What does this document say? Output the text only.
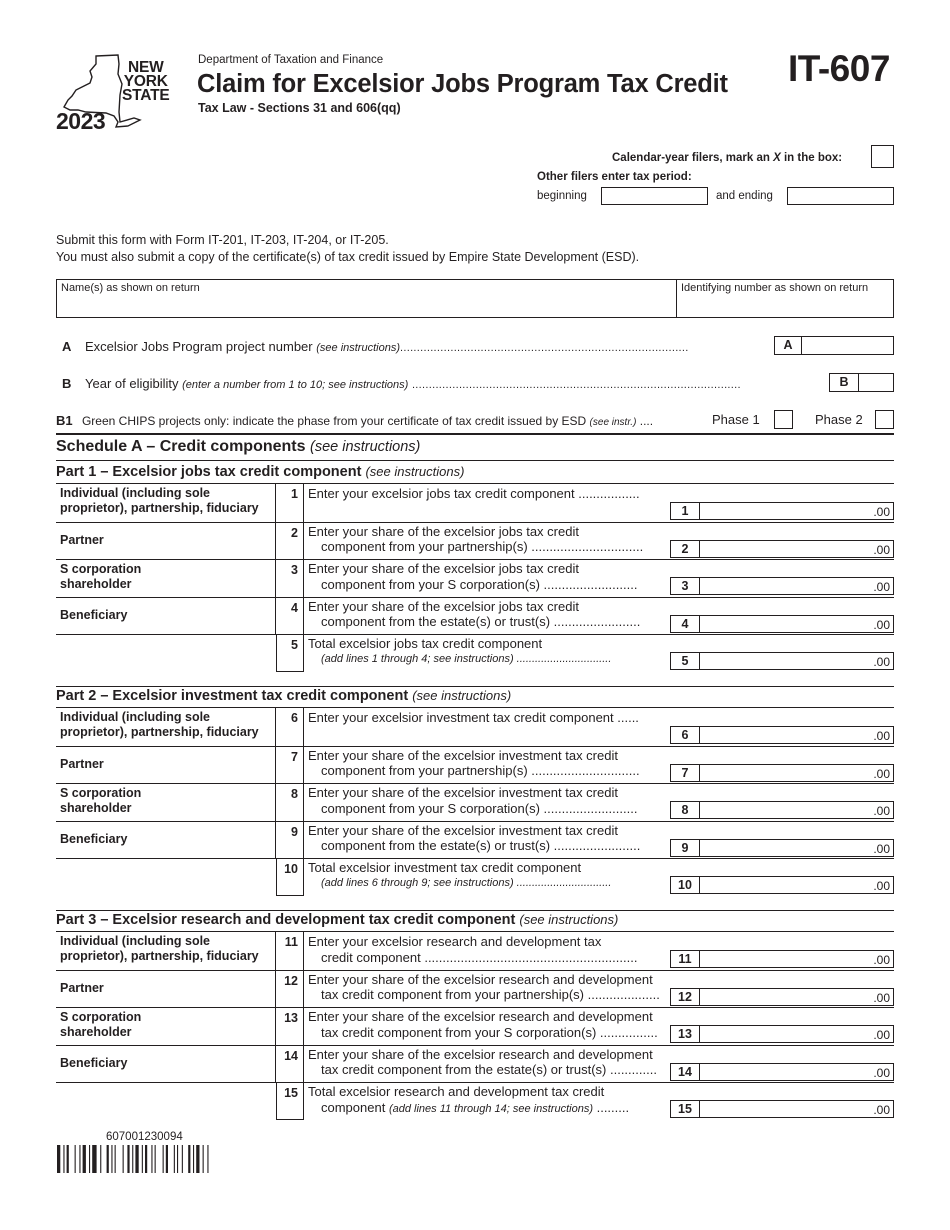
NEW
YORK
STATE
2023
Department of Taxation and Finance
Claim for Excelsior Jobs Program Tax Credit
Tax Law - Sections 31 and 606(qq)
IT-607
Calendar-year filers, mark an X in the box:
Other filers enter tax period:
beginning	and ending
Submit this form with Form IT-201, IT-203, IT-204, or IT-205.
You must also submit a copy of the certificate(s) of tax credit issued by Empire State Development (ESD).
Name(s) as shown on return	Identifying number as shown on return
A Excelsior Jobs Program project number (see instructions)......................................................................................	A
B Year of eligibility (enter a number from 1 to 10; see instructions) ..................................................................................................	B
B1 Green CHIPS projects only: indicate the phase from your certificate of tax credit issued by ESD (see instr.) ....	Phase 1	Phase 2
Schedule A – Credit components (see instructions)
Part 1 – Excelsior jobs tax credit component (see instructions)
Individual (including sole
proprietor), partnership, fiduciary
1 Enter your excelsior jobs tax credit component .................
1	.00
Partner	2 Enter your share of the excelsior jobs tax credit
component from your partnership(s) ...............................	2	.00
S corporation
shareholder
3 Enter your share of the excelsior jobs tax credit
component from your S corporation(s) ..........................	3	.00
Beneficiary	4 Enter your share of the excelsior jobs tax credit
component from the estate(s) or trust(s) ........................	4	.00
5 Total excelsior jobs tax credit component
(add lines 1 through 4; see instructions) ...............................	5	.00
Part 2 – Excelsior investment tax credit component (see instructions)
Individual (including sole
proprietor), partnership, fiduciary
6 Enter your excelsior investment tax credit component ......
6	.00
Partner	7 Enter your share of the excelsior investment tax credit
component from your partnership(s) ..............................	7	.00
S corporation
shareholder
8 Enter your share of the excelsior investment tax credit
component from your S corporation(s) ..........................	8	.00
Beneficiary	9 Enter your share of the excelsior investment tax credit
component from the estate(s) or trust(s) ........................	9	.00
10 Total excelsior investment tax credit component
(add lines 6 through 9; see instructions) ...............................	10	.00
Part 3 – Excelsior research and development tax credit component (see instructions)
Individual (including sole
proprietor), partnership, fiduciary
11 Enter your excelsior research and development tax
credit component ...........................................................	11	.00
Partner	12 Enter your share of the excelsior research and development
tax credit component from your partnership(s) ....................	12	.00
S corporation
shareholder
13 Enter your share of the excelsior research and development
tax credit component from your S corporation(s) ................	13	.00
Beneficiary	14 Enter your share of the excelsior research and development
tax credit component from the estate(s) or trust(s) .............	14	.00
15 Total excelsior research and development tax credit
component (add lines 11 through 14; see instructions) .........	15	.00
607001230094
